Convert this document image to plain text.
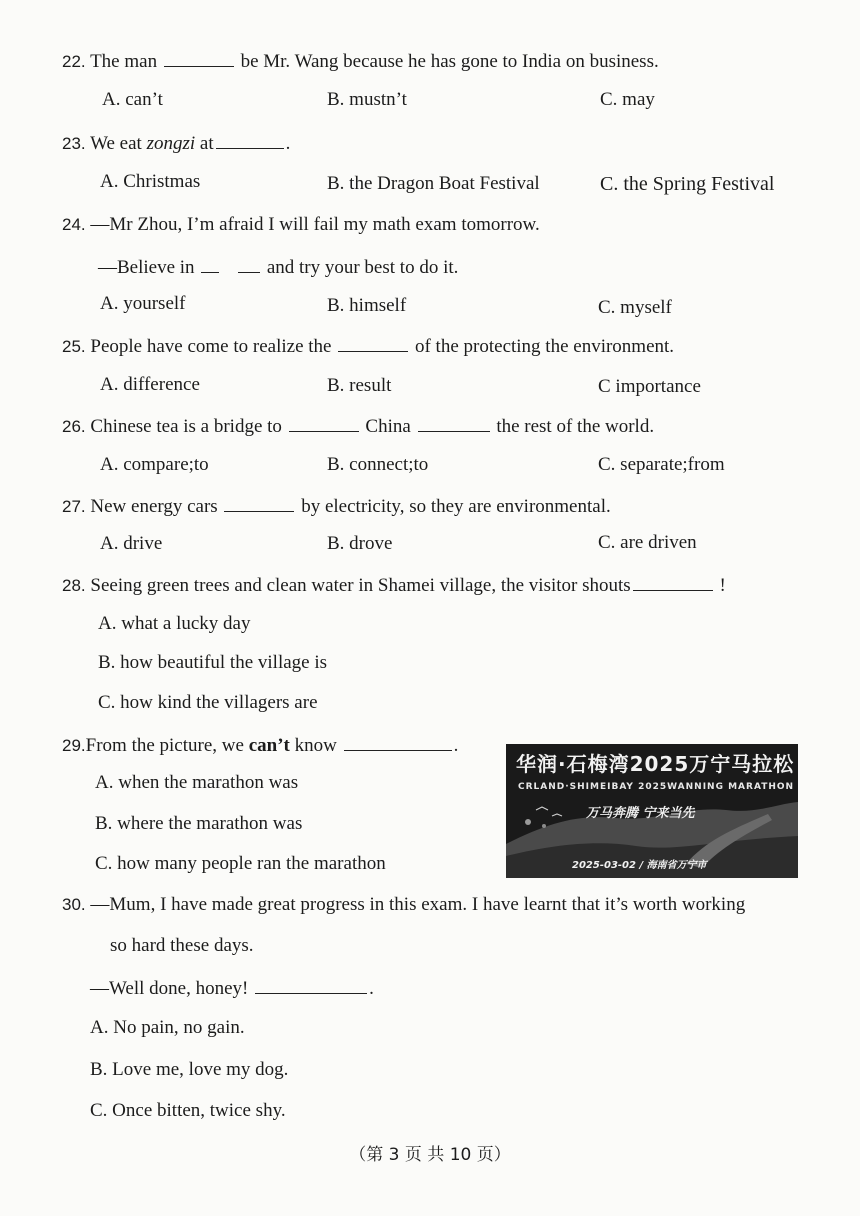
22. The man	be Mr. Wang because he has gone to India on business.
A. can’t	B. mustn’t	C. may
23. We eat zongzi at	.
A. Christmas	B. the Dragon Boat Festival	C. the Spring Festival
24. —Mr Zhou, I’m afraid I will fail my math exam tomorrow.
—Believe in	and try your best to do it.
A. yourself	B. himself	C. myself
25. People have come to realize the	of the protecting the environment.
A. difference	B. result	C importance
26. Chinese tea is a bridge to	China	the rest of the world.
A. compare;to	B. connect;to	C. separate;from
27. New energy cars	by electricity, so they are environmental.
A. drive	B. drove	C. are driven
28. Seeing green trees and clean water in Shamei village, the visitor shouts	!
A. what a lucky day
B. how beautiful the village is
C. how kind the villagers are
29.From the picture, we can’t know	.
A. when the marathon was
B. where the marathon was
C. how many people ran the marathon
华润·石梅湾2025万宁马拉松
CRLAND·SHIMEIBAY 2025WANNING MARATHON
万马奔腾 宁来当先
2025-03-02 / 海南省万宁市
30. —Mum, I have made great progress in this exam. I have learnt that it’s worth working
so hard these days.
—Well done, honey!	.
A. No pain, no gain.
B. Love me, love my dog.
C. Once bitten, twice shy.
（第 3 页 共 10 页）
